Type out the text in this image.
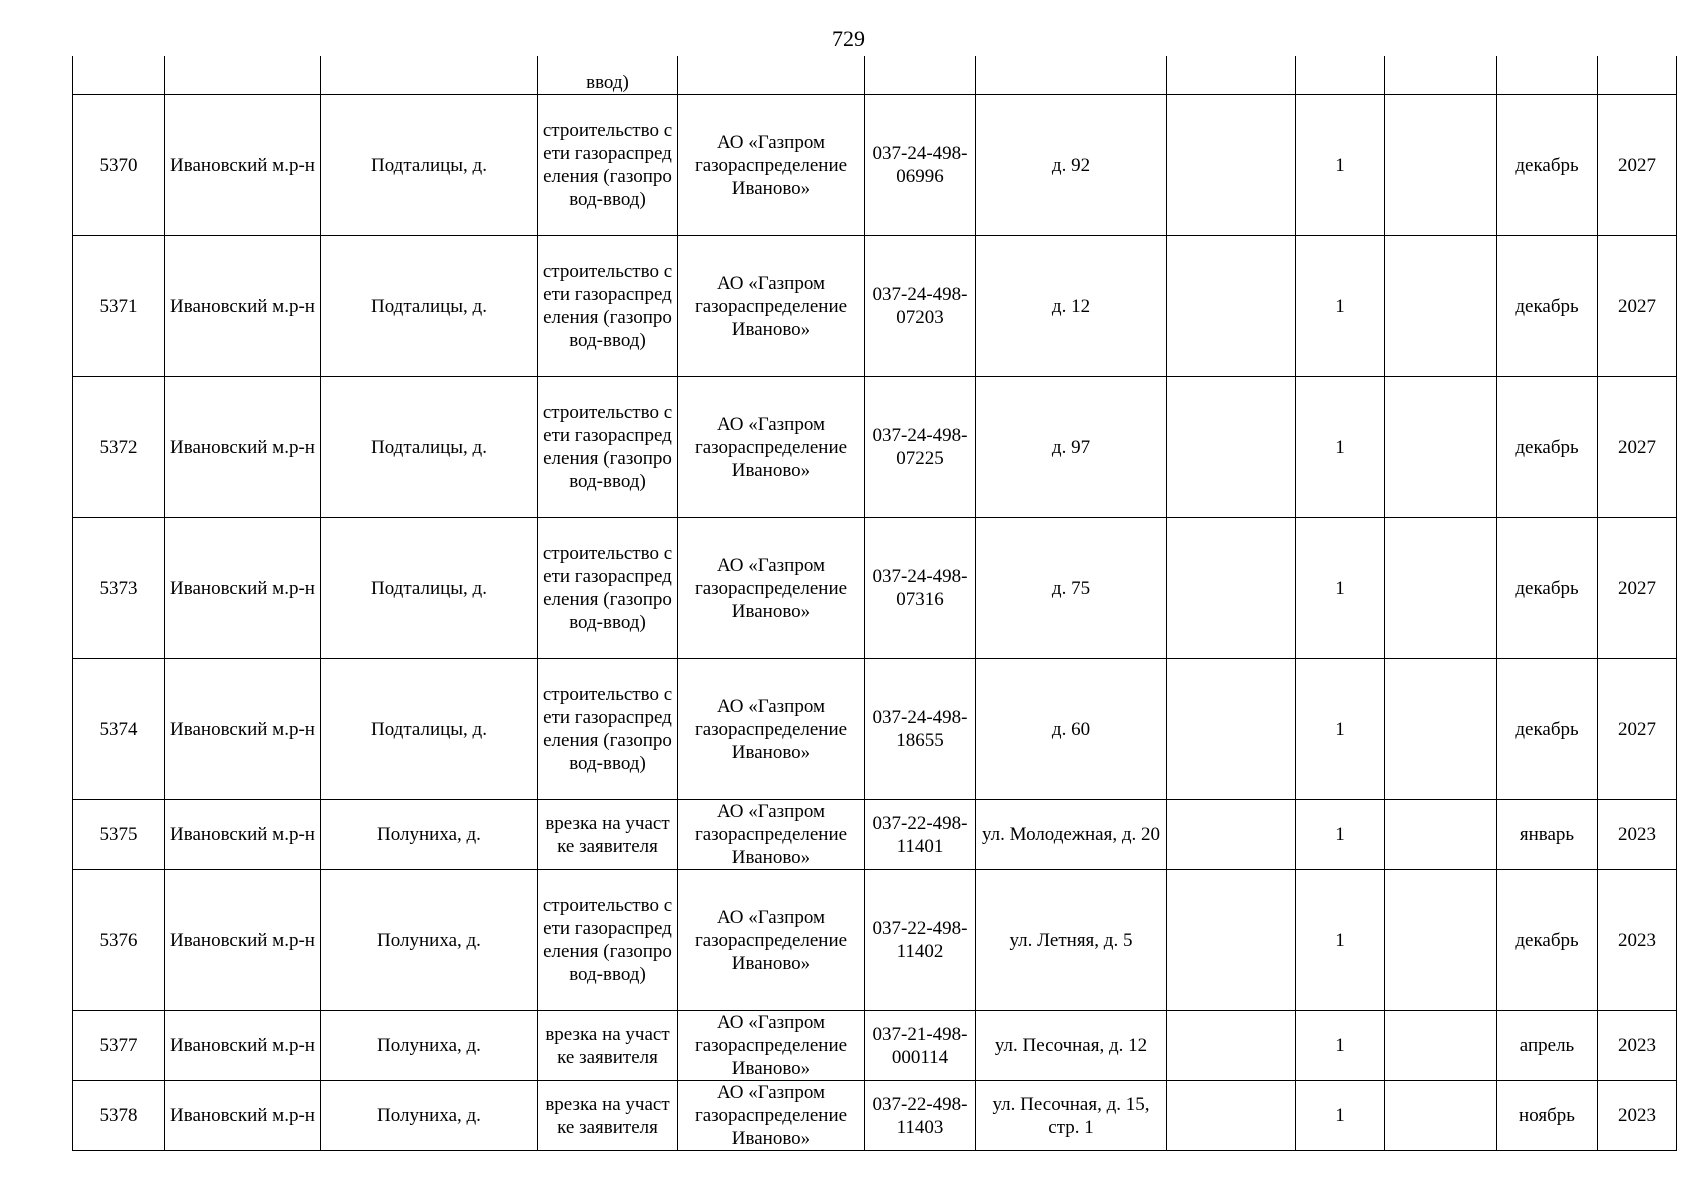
729
			ввод)								
5370	Ивановский м.р-н	Подталицы, д.	строительство сети газораспределения (газопровод-ввод)	АО «Газпром газораспределение Иваново»	037-24-498-06996	д. 92		1		декабрь	2027
5371	Ивановский м.р-н	Подталицы, д.	строительство сети газораспределения (газопровод-ввод)	АО «Газпром газораспределение Иваново»	037-24-498-07203	д. 12		1		декабрь	2027
5372	Ивановский м.р-н	Подталицы, д.	строительство сети газораспределения (газопровод-ввод)	АО «Газпром газораспределение Иваново»	037-24-498-07225	д. 97		1		декабрь	2027
5373	Ивановский м.р-н	Подталицы, д.	строительство сети газораспределения (газопровод-ввод)	АО «Газпром газораспределение Иваново»	037-24-498-07316	д. 75		1		декабрь	2027
5374	Ивановский м.р-н	Подталицы, д.	строительство сети газораспределения (газопровод-ввод)	АО «Газпром газораспределение Иваново»	037-24-498-18655	д. 60		1		декабрь	2027
5375	Ивановский м.р-н	Полуниха, д.	врезка на участке заявителя	АО «Газпром газораспределение Иваново»	037-22-498-11401	ул. Молодежная, д. 20		1		январь	2023
5376	Ивановский м.р-н	Полуниха, д.	строительство сети газораспределения (газопровод-ввод)	АО «Газпром газораспределение Иваново»	037-22-498-11402	ул. Летняя, д. 5		1		декабрь	2023
5377	Ивановский м.р-н	Полуниха, д.	врезка на участке заявителя	АО «Газпром газораспределение Иваново»	037-21-498-000114	ул. Песочная, д. 12		1		апрель	2023
5378	Ивановский м.р-н	Полуниха, д.	врезка на участке заявителя	АО «Газпром газораспределение Иваново»	037-22-498-11403	ул. Песочная, д. 15, стр. 1		1		ноябрь	2023
